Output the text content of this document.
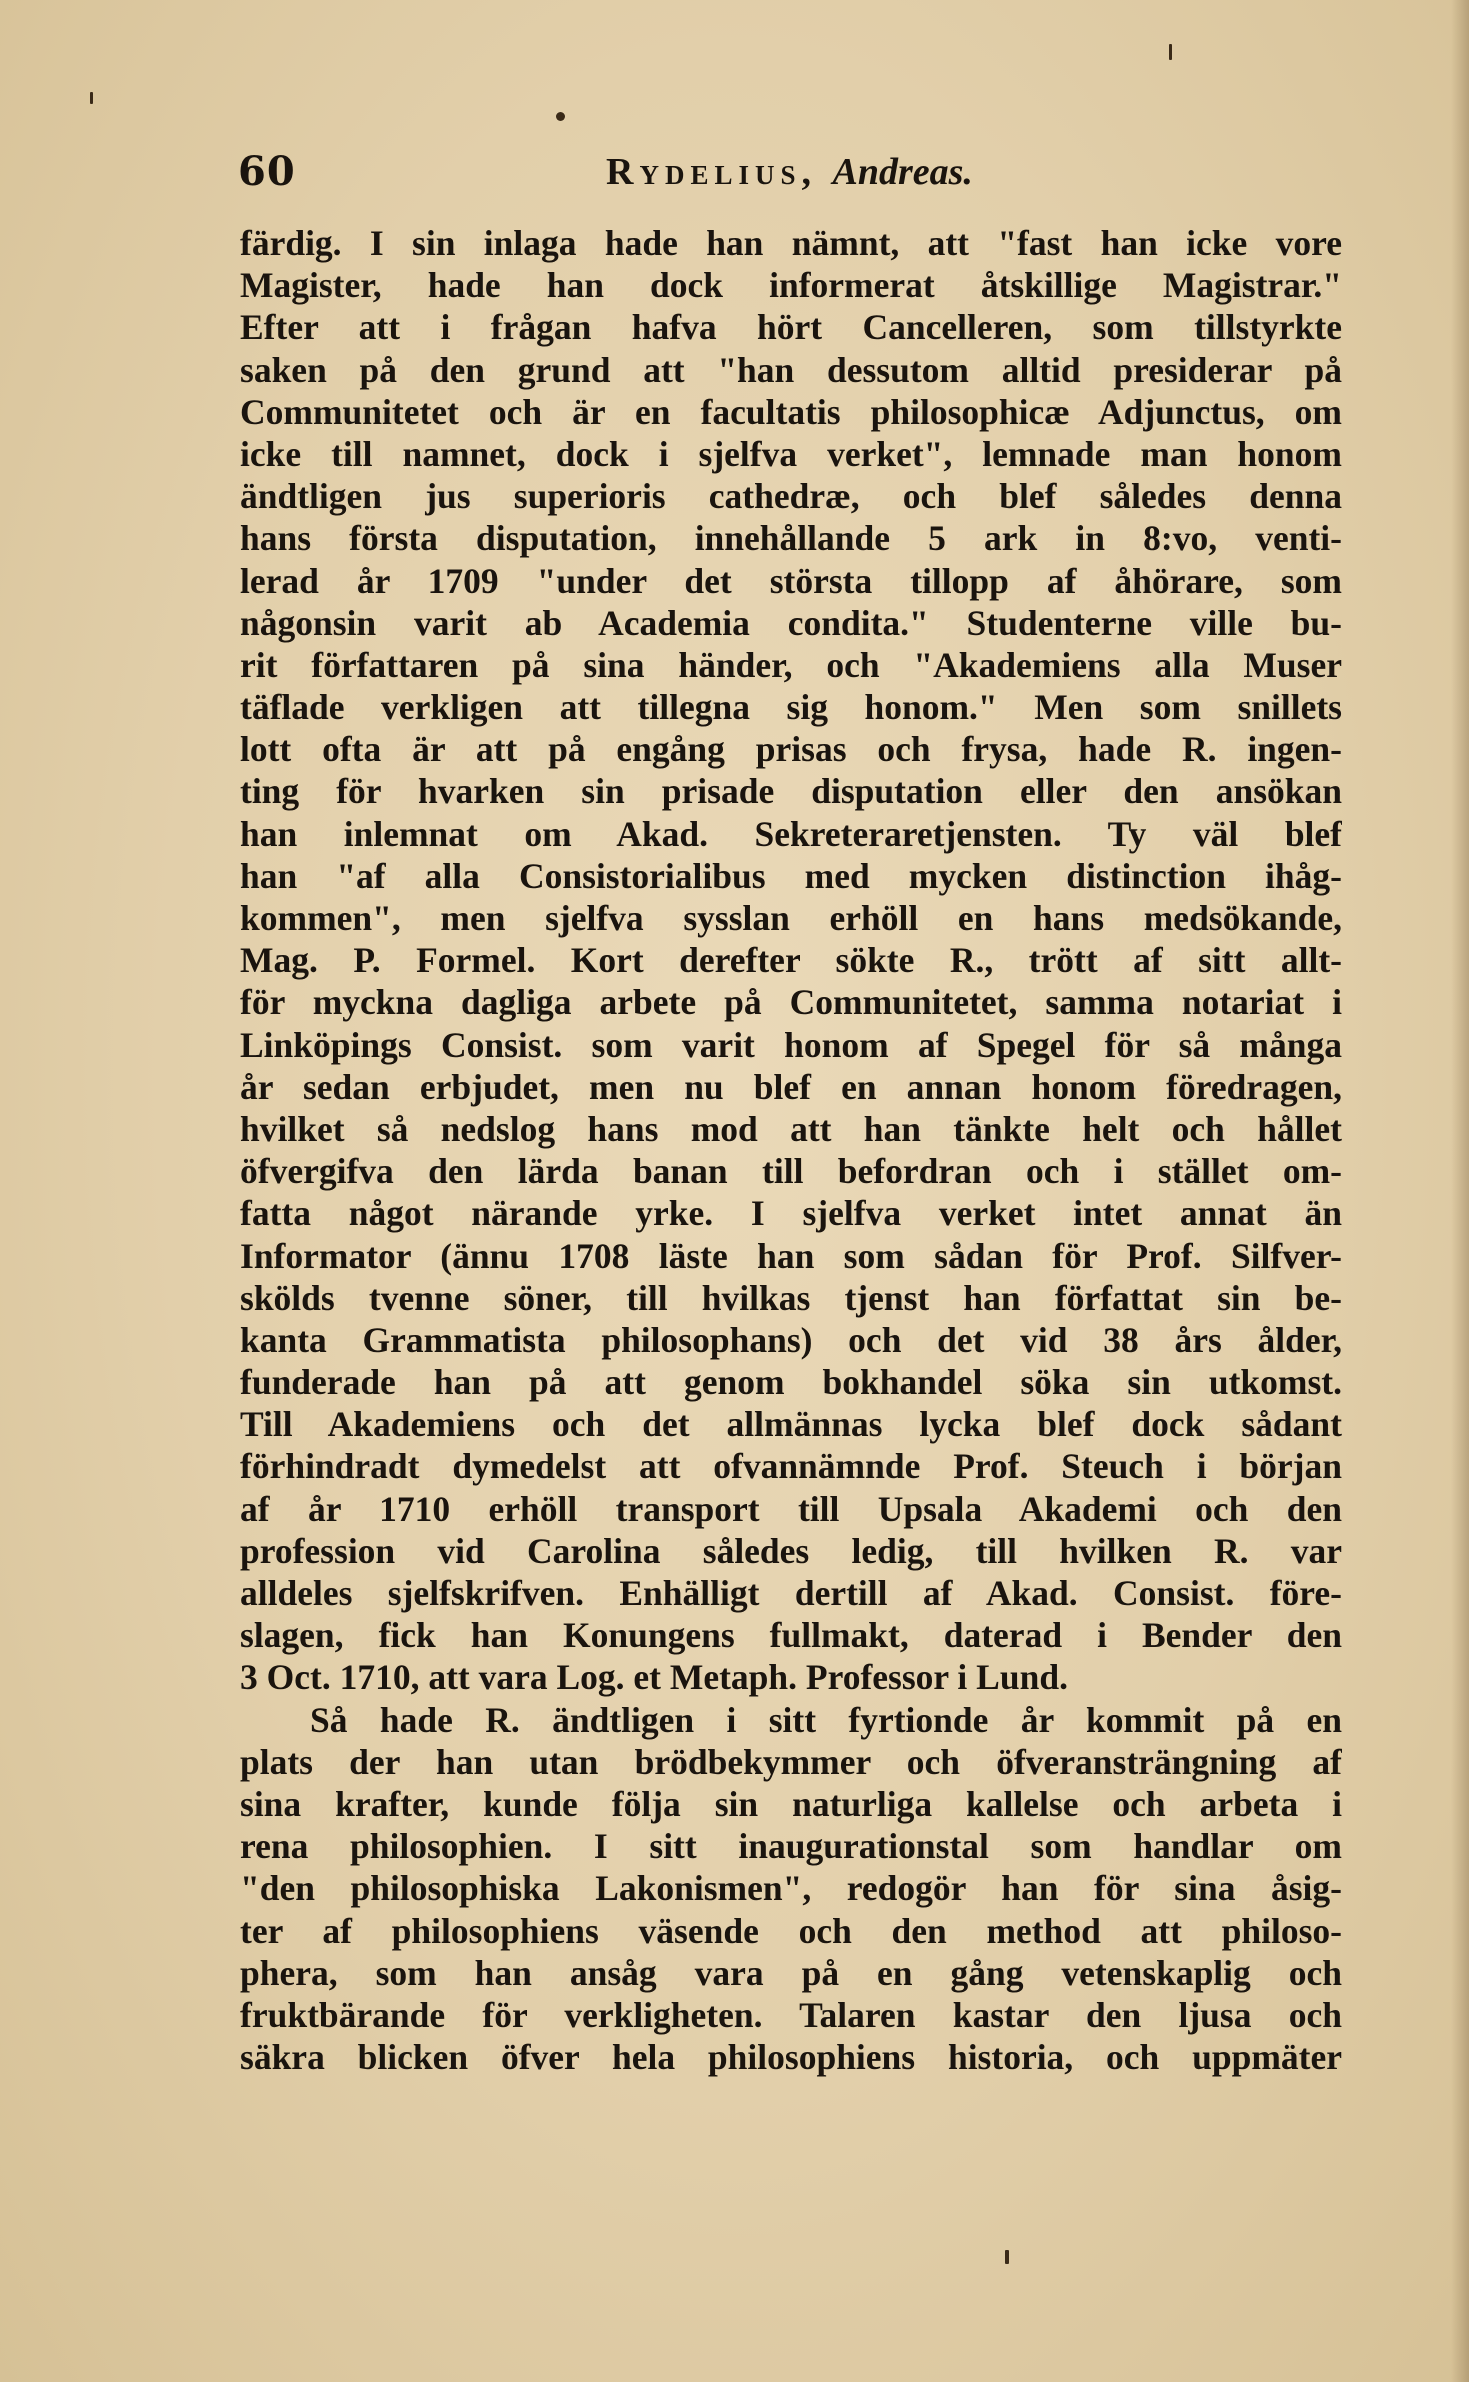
60	Rydelius, Andreas.
färdig. I sin inlaga hade han nämnt, att "fast han icke vore
Magister, hade han dock informerat åtskillige Magistrar."
Efter att i frågan hafva hört Cancelleren, som tillstyrkte
saken på den grund att "han dessutom alltid presiderar på
Communitetet och är en facultatis philosophicæ Adjunctus, om
icke till namnet, dock i sjelfva verket", lemnade man honom
ändtligen jus superioris cathedræ, och blef således denna
hans första disputation, innehållande 5 ark in 8:vo, venti-
lerad år 1709 "under det största tillopp af åhörare, som
någonsin varit ab Academia condita." Studenterne ville bu-
rit författaren på sina händer, och "Akademiens alla Muser
täflade verkligen att tillegna sig honom." Men som snillets
lott ofta är att på engång prisas och frysa, hade R. ingen-
ting för hvarken sin prisade disputation eller den ansökan
han inlemnat om Akad. Sekreteraretjensten. Ty väl blef
han "af alla Consistorialibus med mycken distinction ihåg-
kommen", men sjelfva sysslan erhöll en hans medsökande,
Mag. P. Formel. Kort derefter sökte R., trött af sitt allt-
för myckna dagliga arbete på Communitetet, samma notariat i
Linköpings Consist. som varit honom af Spegel för så många
år sedan erbjudet, men nu blef en annan honom föredragen,
hvilket så nedslog hans mod att han tänkte helt och hållet
öfvergifva den lärda banan till befordran och i stället om-
fatta något närande yrke. I sjelfva verket intet annat än
Informator (ännu 1708 läste han som sådan för Prof. Silfver-
skölds tvenne söner, till hvilkas tjenst han författat sin be-
kanta Grammatista philosophans) och det vid 38 års ålder,
funderade han på att genom bokhandel söka sin utkomst.
Till Akademiens och det allmännas lycka blef dock sådant
förhindradt dymedelst att ofvannämnde Prof. Steuch i början
af år 1710 erhöll transport till Upsala Akademi och den
profession vid Carolina således ledig, till hvilken R. var
alldeles sjelfskrifven. Enhälligt dertill af Akad. Consist. före-
slagen, fick han Konungens fullmakt, daterad i Bender den
3 Oct. 1710, att vara Log. et Metaph. Professor i Lund.
Så hade R. ändtligen i sitt fyrtionde år kommit på en
plats der han utan brödbekymmer och öfveransträngning af
sina krafter, kunde följa sin naturliga kallelse och arbeta i
rena philosophien. I sitt inaugurationstal som handlar om
"den philosophiska Lakonismen", redogör han för sina åsig-
ter af philosophiens väsende och den method att philoso-
phera, som han ansåg vara på en gång vetenskaplig och
fruktbärande för verkligheten. Talaren kastar den ljusa och
säkra blicken öfver hela philosophiens historia, och uppmäter
